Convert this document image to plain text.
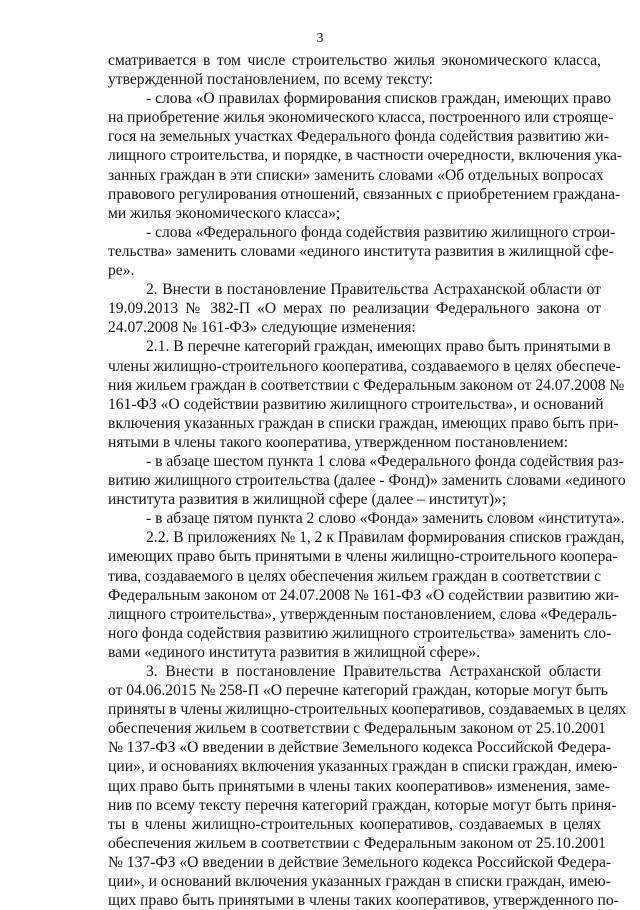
3
сматривается в том числе строительство жилья экономического класса,
утвержденной постановлением, по всему тексту:
- слова «О правилах формирования списков граждан, имеющих право
на приобретение жилья экономического класса, построенного или строяще-
гося на земельных участках Федерального фонда содействия развитию жи-
лищного строительства, и порядке, в частности очередности, включения ука-
занных граждан в эти списки» заменить словами «Об отдельных вопросах
правового регулирования отношений, связанных с приобретением граждана-
ми жилья экономического класса»;
- слова «Федерального фонда содействия развитию жилищного строи-
тельства» заменить словами «единого института развития в жилищной сфе-
ре».
2. Внести в постановление Правительства Астраханской области от
19.09.2013 № 382-П «О мерах по реализации Федерального закона от
24.07.2008 № 161-ФЗ» следующие изменения:
2.1. В перечне категорий граждан, имеющих право быть принятыми в
члены жилищно-строительного кооператива, создаваемого в целях обеспече-
ния жильем граждан в соответствии с Федеральным законом от 24.07.2008 №
161-ФЗ «О содействии развитию жилищного строительства», и оснований
включения указанных граждан в списки граждан, имеющих право быть при-
нятыми в члены такого кооператива, утвержденном постановлением:
- в абзаце шестом пункта 1 слова «Федерального фонда содействия раз-
витию жилищного строительства (далее - Фонд)» заменить словами «единого
института развития в жилищной сфере (далее – институт)»;
- в абзаце пятом пункта 2 слово «Фонда» заменить словом «института».
2.2. В приложениях № 1, 2 к Правилам формирования списков граждан,
имеющих право быть принятыми в члены жилищно-строительного коопера-
тива, создаваемого в целях обеспечения жильем граждан в соответствии с
Федеральным законом от 24.07.2008 № 161-ФЗ «О содействии развитию жи-
лищного строительства», утвержденным постановлением, слова «Федераль-
ного фонда содействия развитию жилищного строительства» заменить сло-
вами «единого института развития в жилищной сфере».
3. Внести в постановление Правительства Астраханской области
от 04.06.2015 № 258-П «О перечне категорий граждан, которые могут быть
приняты в члены жилищно-строительных кооперативов, создаваемых в целях
обеспечения жильем в соответствии с Федеральным законом от 25.10.2001
№ 137-ФЗ «О введении в действие Земельного кодекса Российской Федера-
ции», и основаниях включения указанных граждан в списки граждан, имею-
щих право быть принятыми в члены таких кооперативов» изменения, заме-
нив по всему тексту перечня категорий граждан, которые могут быть приня-
ты в члены жилищно-строительных кооперативов, создаваемых в целях
обеспечения жильем в соответствии с Федеральным законом от 25.10.2001
№ 137-ФЗ «О введении в действие Земельного кодекса Российской Федера-
ции», и оснований включения указанных граждан в списки граждан, имею-
щих право быть принятыми в члены таких кооперативов, утвержденного по-
